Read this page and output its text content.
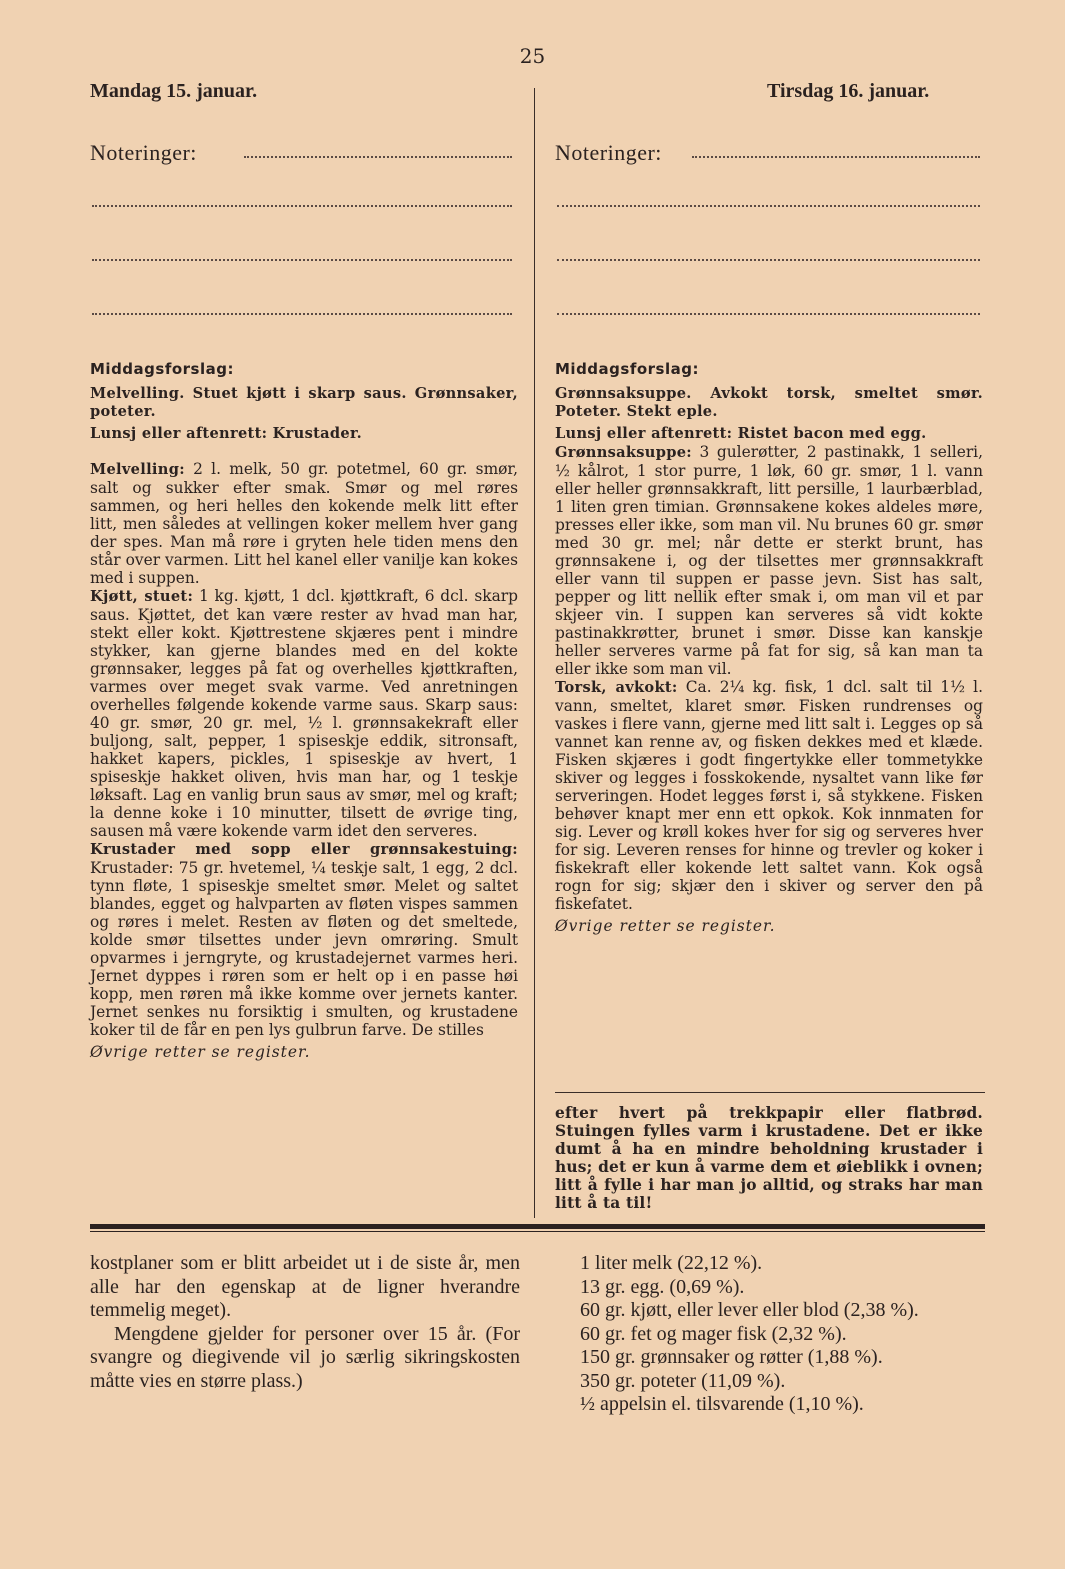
25
Mandag 15. januar.	Tirsdag 16. januar.
Noteringer:	Noteringer:
Middagsforslag:	Middagsforslag:

Melvelling. Stuet kjøtt i skarp saus. Grønnsaker, poteter.

Lunsj eller aftenrett: Krustader.

Melvelling: 2 l. melk, 50 gr. potetmel, 60 gr. smør, salt og sukker efter smak. Smør og mel røres sammen, og heri helles den kokende melk litt efter litt, men således at vellingen koker mellem hver gang der spes. Man må røre i gryten hele tiden mens den står over varmen. Litt hel kanel eller vanilje kan kokes med i suppen.

Kjøtt, stuet: 1 kg. kjøtt, 1 dcl. kjøttkraft, 6 dcl. skarp saus. Kjøttet, det kan være rester av hvad man har, stekt eller kokt. Kjøttrestene skjæres pent i mindre stykker, kan gjerne blandes med en del kokte grønnsaker, legges på fat og overhelles kjøttkraften, varmes over meget svak varme. Ved anretningen overhelles følgende kokende varme saus. Skarp saus: 40 gr. smør, 20 gr. mel, ½ l. grønnsakekraft eller buljong, salt, pepper, 1 spiseskje eddik, sitronsaft, hakket kapers, pickles, 1 spiseskje av hvert, 1 spiseskje hakket oliven, hvis man har, og 1 teskje løksaft. Lag en vanlig brun saus av smør, mel og kraft; la denne koke i 10 minutter, tilsett de øvrige ting, sausen må være kokende varm idet den serveres.

Krustader med sopp eller grønnsakestuing: Krustader: 75 gr. hvetemel, ¼ teskje salt, 1 egg, 2 dcl. tynn fløte, 1 spiseskje smeltet smør. Melet og saltet blandes, egget og halvparten av fløten vispes sammen og røres i melet. Resten av fløten og det smeltede, kolde smør tilsettes under jevn omrøring. Smult opvarmes i jerngryte, og krustadejernet varmes heri. Jernet dyppes i røren som er helt op i en passe høi kopp, men røren må ikke komme over jernets kanter. Jernet senkes nu forsiktig i smulten, og krustadene koker til de får en pen lys gulbrun farve. De stilles

Øvrige retter se register.

Grønnsaksuppe. Avkokt torsk, smeltet smør. Poteter. Stekt eple.

Lunsj eller aftenrett: Ristet bacon med egg.

Grønnsaksuppe: 3 gulerøtter, 2 pastinakk, 1 selleri, ½ kålrot, 1 stor purre, 1 løk, 60 gr. smør, 1 l. vann eller heller grønnsakkraft, litt persille, 1 laurbærblad, 1 liten gren timian. Grønnsakene kokes aldeles møre, presses eller ikke, som man vil. Nu brunes 60 gr. smør med 30 gr. mel; når dette er sterkt brunt, has grønnsakene i, og der tilsettes mer grønnsakkraft eller vann til suppen er passe jevn. Sist has salt, pepper og litt nellik efter smak i, om man vil et par skjeer vin. I suppen kan serveres så vidt kokte pastinakkrøtter, brunet i smør. Disse kan kanskje heller serveres varme på fat for sig, så kan man ta eller ikke som man vil.

Torsk, avkokt: Ca. 2¼ kg. fisk, 1 dcl. salt til 1½ l. vann, smeltet, klaret smør. Fisken rundrenses og vaskes i flere vann, gjerne med litt salt i. Legges op så vannet kan renne av, og fisken dekkes med et klæde. Fisken skjæres i godt fingertykke eller tommetykke skiver og legges i fosskokende, nysaltet vann like før serveringen. Hodet legges først i, så stykkene. Fisken behøver knapt mer enn ett opkok. Kok innmaten for sig. Lever og krøll kokes hver for sig og serveres hver for sig. Leveren renses for hinne og trevler og koker i fiskekraft eller kokende lett saltet vann. Kok også rogn for sig; skjær den i skiver og server den på fiskefatet.

Øvrige retter se register.

efter hvert på trekkpapir eller flatbrød. Stuingen fylles varm i krustadene. Det er ikke dumt å ha en mindre beholdning krustader i hus; det er kun å varme dem et øieblikk i ovnen; litt å fylle i har man jo alltid, og straks har man litt å ta til!

kostplaner som er blitt arbeidet ut i de siste år, men alle har den egenskap at de ligner hverandre temmelig meget).

Mengdene gjelder for personer over 15 år. (For svangre og diegivende vil jo særlig sikringskosten måtte vies en større plass.)

1 liter melk (22,12 %).

13 gr. egg. (0,69 %).

60 gr. kjøtt, eller lever eller blod (2,38 %).

60 gr. fet og mager fisk (2,32 %).

150 gr. grønnsaker og røtter (1,88 %).

350 gr. poteter (11,09 %).

½ appelsin el. tilsvarende (1,10 %).
